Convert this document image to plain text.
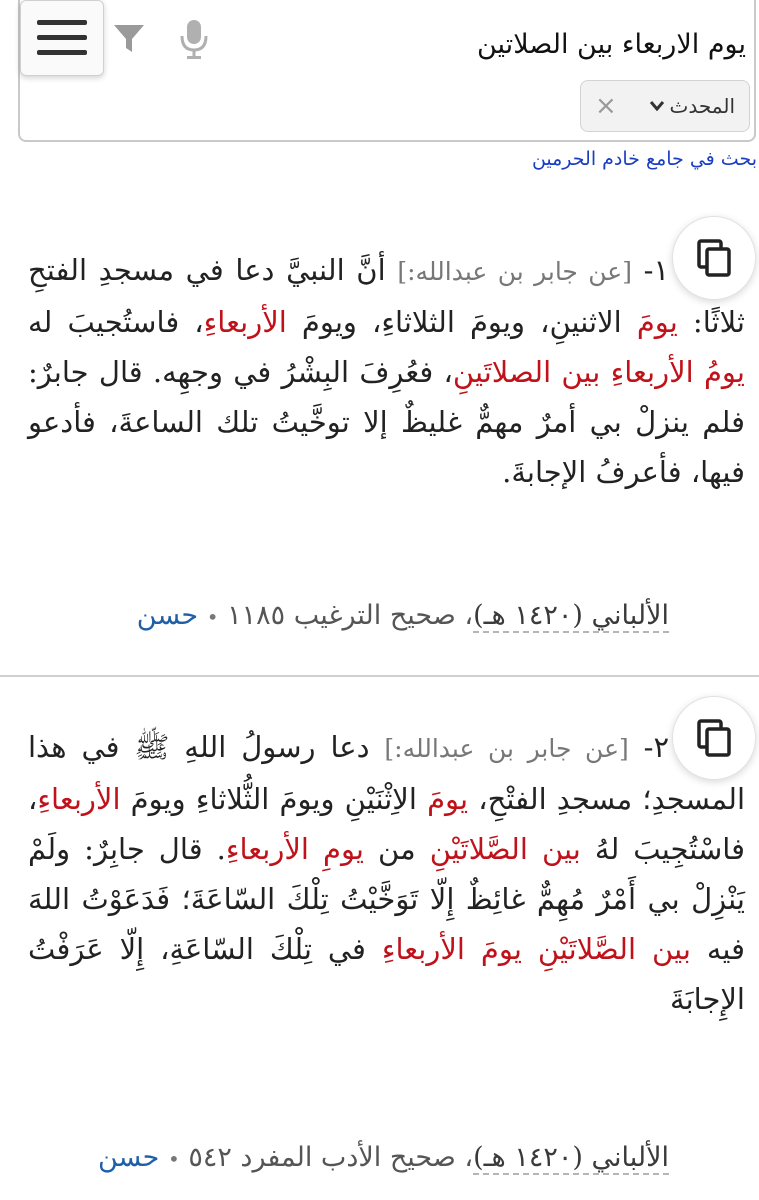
يوم الاربعاء بين الصلاتين
×	المحدث
بحث في جامع خادم الحرمين
١- [عن جابر بن عبدالله:] أنَّ النبيَّ دعا في مسجدِ الفتحِ ثلاثًا: يومَ الاثنينِ، ويومَ الثلاثاءِ، ويومَ الأربعاءِ، فاستُجيبَ له يومُ الأربعاءِ بين الصلاتَينِ، فعُرِفَ البِشْرُ في وجهِه. قال جابرٌ: فلم ينزلْ بي أمرٌ مهمٌّ غليظٌ إلا توخَّيتُ تلك الساعةَ، فأدعو فيها، فأعرفُ الإجابةَ.
الألباني (١٤٢٠ هـ)، صحيح الترغيب ١١٨٥ • حسن
٢- [عن جابر بن عبدالله:] دعا رسولُ اللهِ ﷺ في هذا المسجدِ؛ مسجدِ الفتْحِ، يومَ الاِثْنَيْنِ ويومَ الثُّلاثاءِ ويومَ الأربعاءِ، فاسْتُجِيبَ لهُ بين الصَّلاتَيْنِ من يومِ الأربعاءِ. قال جابِرٌ: ولَمْ يَنْزِلْ بي أَمْرٌ مُهِمٌّ غائِظٌ إِلّا تَوَخَّيْتُ تِلْكَ السّاعَةَ؛ فَدَعَوْتُ اللهَ فيه بين الصَّلاتَيْنِ يومَ الأربعاءِ في تِلْكَ السّاعَةِ، إِلّا عَرَفْتُ الإِجابَةَ
الألباني (١٤٢٠ هـ)، صحيح الأدب المفرد ٥٤٢ • حسن
